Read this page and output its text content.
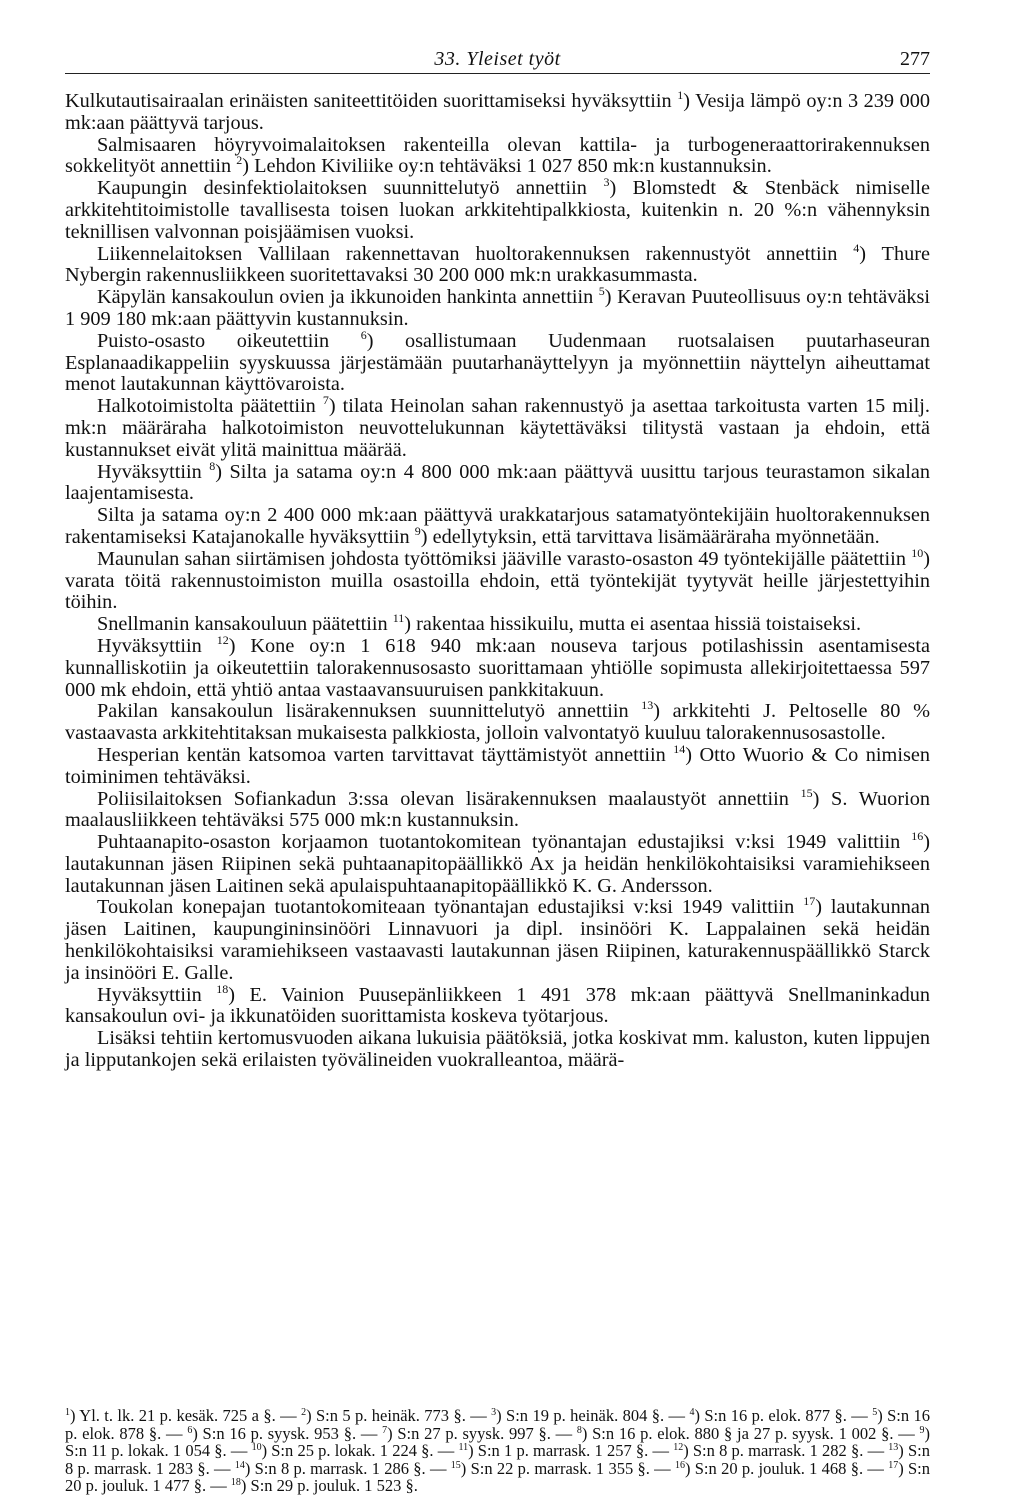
33. Yleiset työt	277

Kulkutautisairaalan erinäisten saniteettitöiden suorittamiseksi hyväksyttiin $^1$) Vesija lämpö oy:n 3 239 000 mk:aan päättyvä tarjous.

Salmisaaren höyryvoimalaitoksen rakenteilla olevan kattila- ja turbogeneraattorirakennuksen sokkelityöt annettiin $^2$) Lehdon Kiviliike oy:n tehtäväksi 1 027 850 mk:n kustannuksin.

Kaupungin desinfektiolaitoksen suunnittelutyö annettiin $^3$) Blomstedt & Stenbäck nimiselle arkkitehtitoimistolle tavallisesta toisen luokan arkkitehtipalkkiosta, kuitenkin n. 20 %:n vähennyksin teknillisen valvonnan poisjäämisen vuoksi.

Liikennelaitoksen Vallilaan rakennettavan huoltorakennuksen rakennustyöt annettiin $^4$) Thure Nybergin rakennusliikkeen suoritettavaksi 30 200 000 mk:n urakkasummasta.

Käpylän kansakoulun ovien ja ikkunoiden hankinta annettiin $^5$) Keravan Puuteollisuus oy:n tehtäväksi 1 909 180 mk:aan päättyvin kustannuksin.

Puisto-osasto oikeutettiin $^6$) osallistumaan Uudenmaan ruotsalaisen puutarhaseuran Esplanaadikappeliin syyskuussa järjestämään puutarhanäyttelyyn ja myönnettiin näyttelyn aiheuttamat menot lautakunnan käyttövaroista.

Halkotoimistolta päätettiin $^7$) tilata Heinolan sahan rakennustyö ja asettaa tarkoitusta varten 15 milj. mk:n määräraha halkotoimiston neuvottelukunnan käytettäväksi tilitystä vastaan ja ehdoin, että kustannukset eivät ylitä mainittua määrää.

Hyväksyttiin $^8$) Silta ja satama oy:n 4 800 000 mk:aan päättyvä uusittu tarjous teurastamon sikalan laajentamisesta.

Silta ja satama oy:n 2 400 000 mk:aan päättyvä urakkatarjous satamatyöntekijäin huoltorakennuksen rakentamiseksi Katajanokalle hyväksyttiin $^9$) edellytyksin, että tarvittava lisämääräraha myönnetään.

Maunulan sahan siirtämisen johdosta työttömiksi jääville varasto-osaston 49 työntekijälle päätettiin $^{10}$) varata töitä rakennustoimiston muilla osastoilla ehdoin, että työntekijät tyytyvät heille järjestettyihin töihin.

Snellmanin kansakouluun päätettiin $^{11}$) rakentaa hissikuilu, mutta ei asentaa hissiä toistaiseksi.

Hyväksyttiin $^{12}$) Kone oy:n 1 618 940 mk:aan nouseva tarjous potilashissin asentamisesta kunnalliskotiin ja oikeutettiin talorakennusosasto suorittamaan yhtiölle sopimusta allekirjoitettaessa 597 000 mk ehdoin, että yhtiö antaa vastaavansuuruisen pankkitakuun.

Pakilan kansakoulun lisärakennuksen suunnittelutyö annettiin $^{13}$) arkkitehti J. Peltoselle 80 % vastaavasta arkkitehtitaksan mukaisesta palkkiosta, jolloin valvontatyö kuuluu talorakennusosastolle.

Hesperian kentän katsomoa varten tarvittavat täyttämistyöt annettiin $^{14}$) Otto Wuorio & Co nimisen toiminimen tehtäväksi.

Poliisilaitoksen Sofiankadun 3:ssa olevan lisärakennuksen maalaustyöt annettiin $^{15}$) S. Wuorion maalausliikkeen tehtäväksi 575 000 mk:n kustannuksin.

Puhtaanapito-osaston korjaamon tuotantokomitean työnantajan edustajiksi v:ksi 1949 valittiin $^{16}$) lautakunnan jäsen Riipinen sekä puhtaanapitopäällikkö Ax ja heidän henkilökohtaisiksi varamiehikseen lautakunnan jäsen Laitinen sekä apulaispuhtaanapitopäällikkö K. G. Andersson.

Toukolan konepajan tuotantokomiteaan työnantajan edustajiksi v:ksi 1949 valittiin $^{17}$) lautakunnan jäsen Laitinen, kaupungininsinööri Linnavuori ja dipl. insinööri K. Lappalainen sekä heidän henkilökohtaisiksi varamiehikseen vastaavasti lautakunnan jäsen Riipinen, katurakennuspäällikkö Starck ja insinööri E. Galle.

Hyväksyttiin $^{18}$) E. Vainion Puusepänliikkeen 1 491 378 mk:aan päättyvä Snellmaninkadun kansakoulun ovi- ja ikkunatöiden suorittamista koskeva työtarjous.

Lisäksi tehtiin kertomusvuoden aikana lukuisia päätöksiä, jotka koskivat mm. kaluston, kuten lippujen ja lipputankojen sekä erilaisten työvälineiden vuokralleantoa, määrä-

$^1$) Yl. t. lk. 21 p. kesäk. 725 a §. — $^2$) S:n 5 p. heinäk. 773 §. — $^3$) S:n 19 p. heinäk. 804 §. — $^4$) S:n 16 p. elok. 877 §. — $^5$) S:n 16 p. elok. 878 §. — $^6$) S:n 16 p. syysk. 953 §. — $^7$) S:n 27 p. syysk. 997 §. — $^8$) S:n 16 p. elok. 880 § ja 27 p. syysk. 1 002 §. — $^9$) S:n 11 p. lokak. 1 054 §. — $^{10}$) S:n 25 p. lokak. 1 224 §. — $^{11}$) S:n 1 p. marrask. 1 257 §. — $^{12}$) S:n 8 p. marrask. 1 282 §. — $^{13}$) S:n 8 p. marrask. 1 283 §. — $^{14}$) S:n 8 p. marrask. 1 286 §. — $^{15}$) S:n 22 p. marrask. 1 355 §. — $^{16}$) S:n 20 p. jouluk. 1 468 §. — $^{17}$) S:n 20 p. jouluk. 1 477 §. — $^{18}$) S:n 29 p. jouluk. 1 523 §.
